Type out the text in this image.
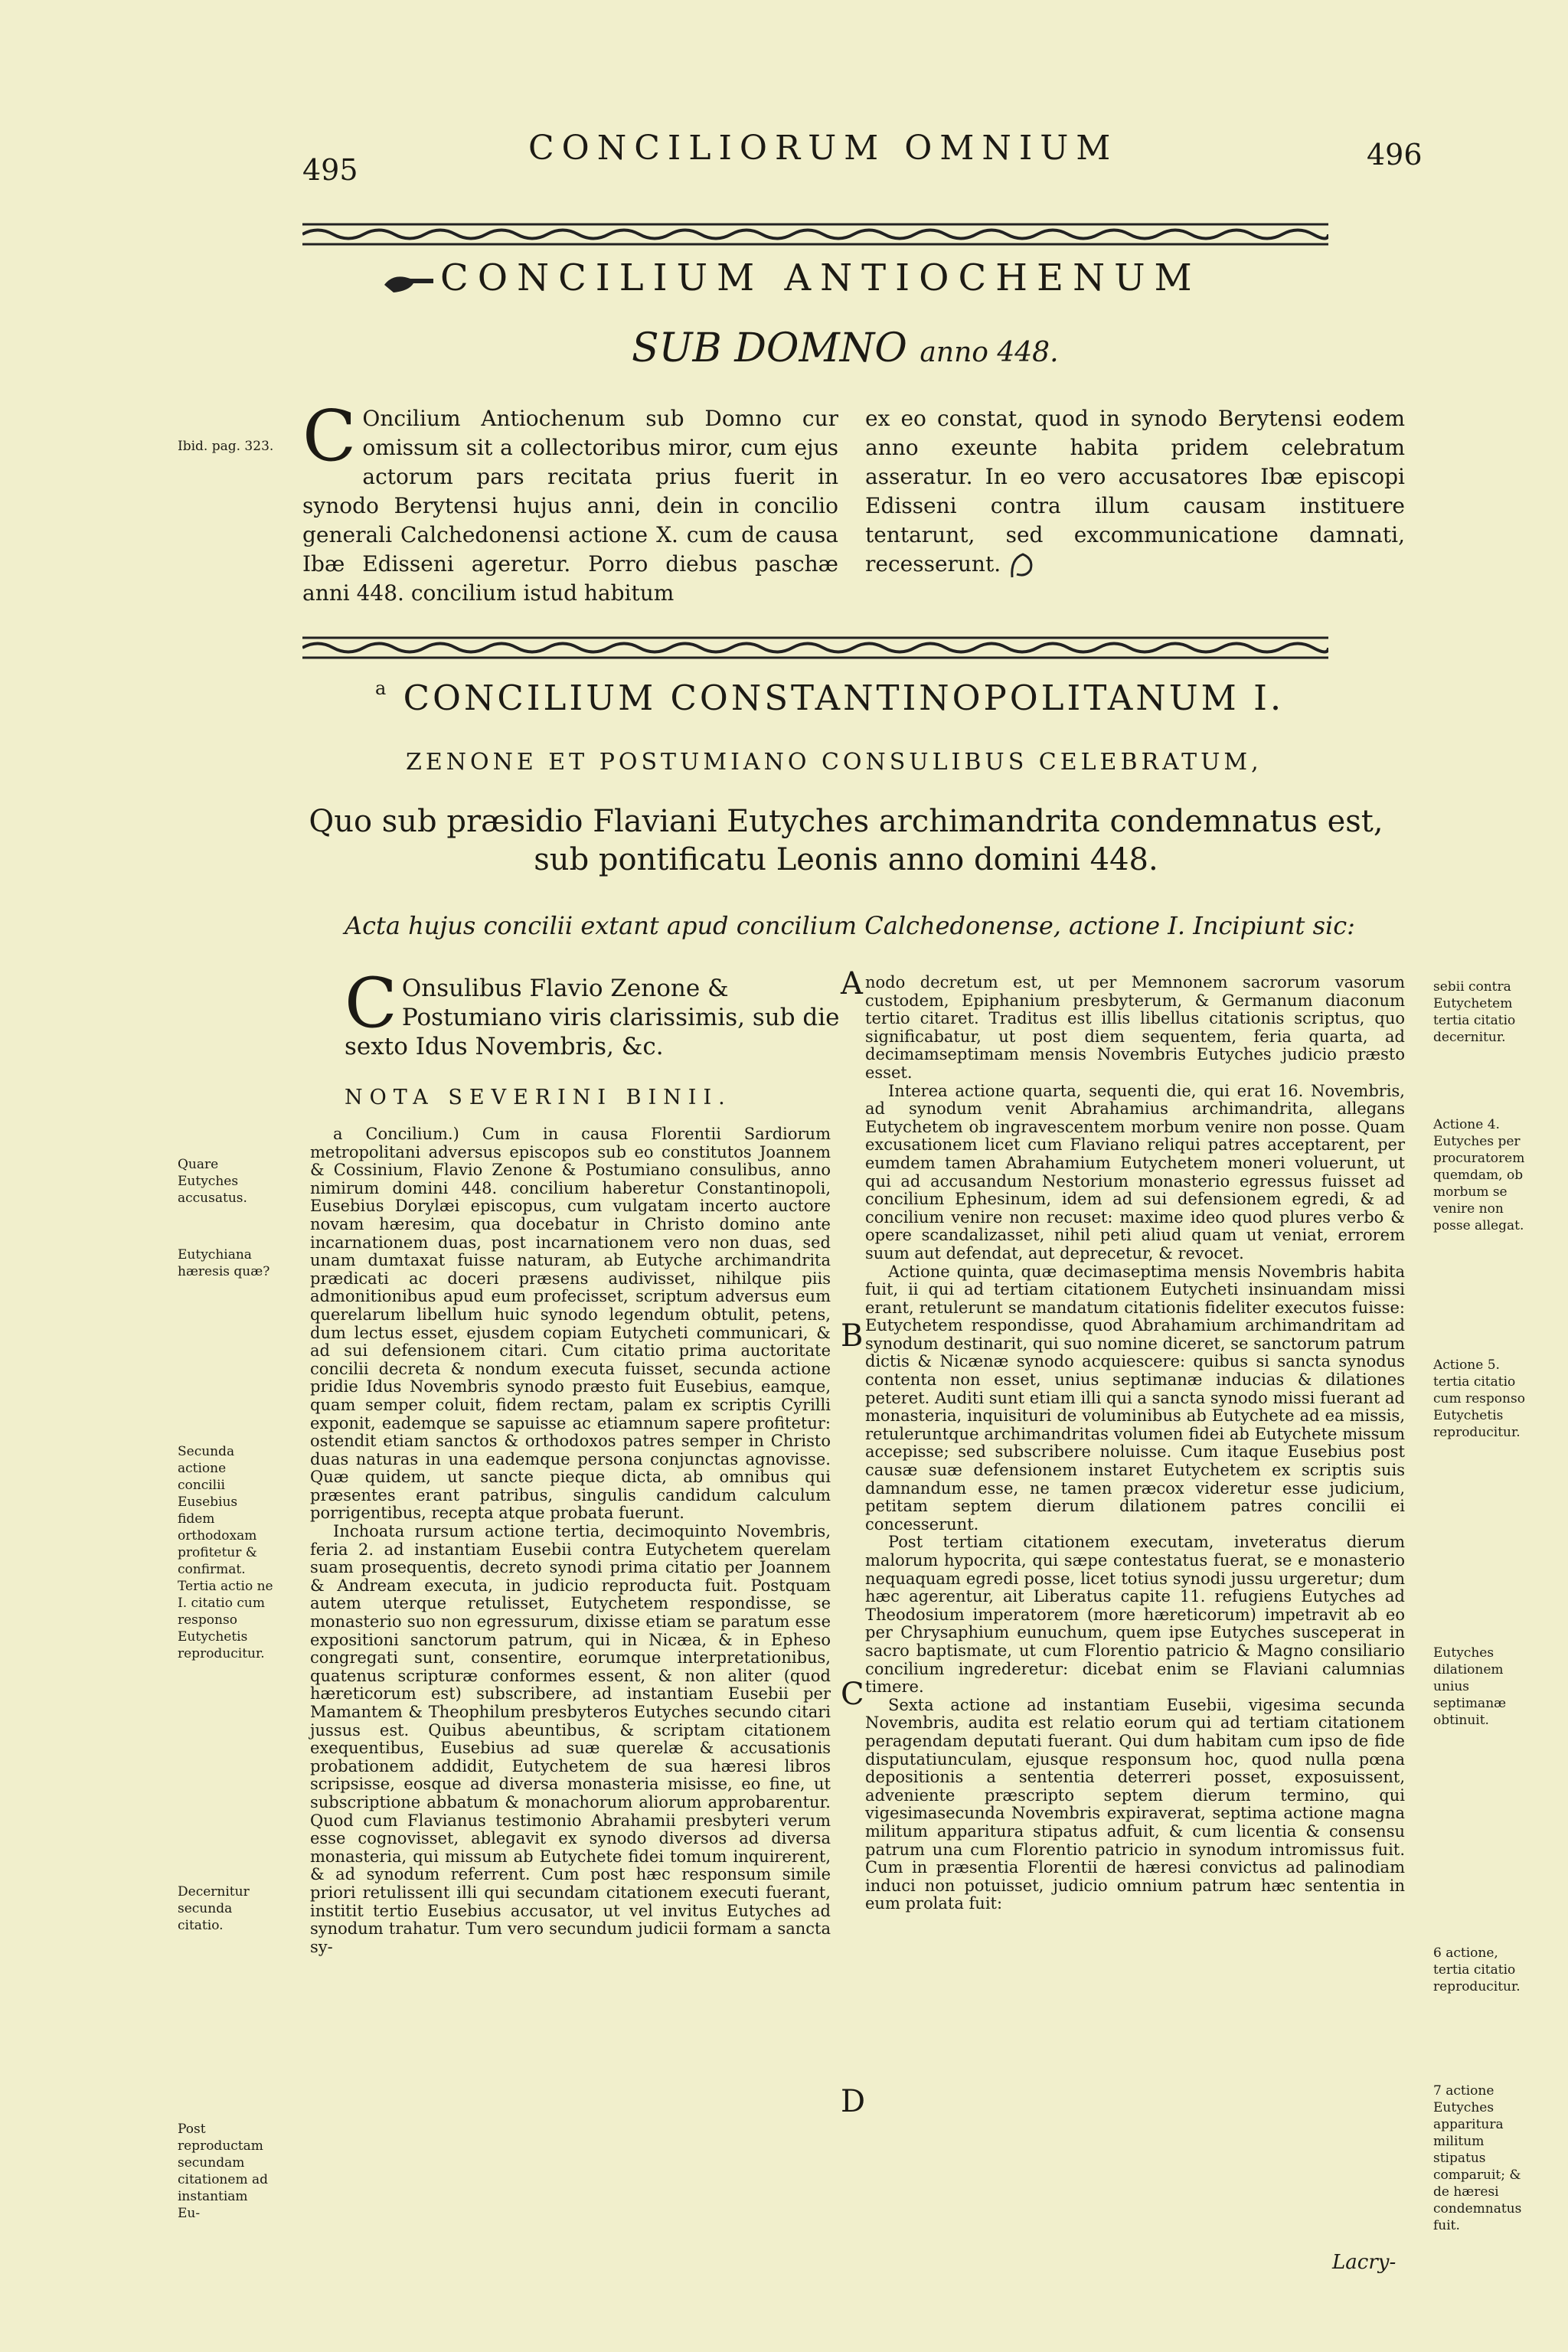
495
CONCILIORUM OMNIUM	496
CONCILIUM ANTIOCHENUM
SUB DOMNO anno 448.
Ibid. pag. 323. C Oncilium Antiochenum sub Domno cur omissum sit a collectoribus miror, cum ejus actorum pars recitata prius fuerit in synodo Berytensi hujus anni, dein in concilio generali Calchedonensi actione X. cum de causa Ibæ Edisseni ageretur. Porro diebus paschæ anni 448. concilium istud habitum
ex eo constat, quod in synodo Berytensi eodem anno exeunte habita pridem celebratum asseratur. In eo vero accusatores Ibæ episcopi Edisseni contra illum causam instituere tentarunt, sed excommunicatione damnati, recesserunt.
$^a$ CONCILIUM CONSTANTINOPOLITANUM I.
ZENONE ET POSTUMIANO CONSULIBUS CELEBRATUM,
Quo sub præsidio Flaviani Eutyches archimandrita condemnatus est, sub pontificatu Leonis anno domini 448.
Acta hujus concilii extant apud concilium Calchedonense, actione I. Incipiunt sic:
C Onsulibus Flavio Zenone & Postumiano viris clarissimis, sub die sexto Idus Novembris, &c.
NOTA SEVERINI BINII.

a Concilium.) Cum in causa Florentii Sardiorum metropolitani adversus episcopos sub eo constitutos Joannem & Cossinium, Flavio Zenone & Postumiano consulibus, anno nimirum domini 448. concilium haberetur Constantinopoli, Eusebius Dorylæi episcopus, cum vulgatam incerto auctore novam hæresim, qua docebatur in Christo domino ante incarnationem duas, post incarnationem vero non duas, sed unam dumtaxat fuisse naturam, ab Eutyche archimandrita prædicati ac doceri præsens audivisset, nihilque piis admonitionibus apud eum profecisset, scriptum adversus eum querelarum libellum huic synodo legendum obtulit, petens, dum lectus esset, ejusdem copiam Eutycheti communicari, & ad sui defensionem citari. Cum citatio prima auctoritate concilii decreta & nondum executa fuisset, secunda actione pridie Idus Novembris synodo præsto fuit Eusebius, eamque, quam semper coluit, fidem rectam, palam ex scriptis Cyrilli exponit, eademque se sapuisse ac etiamnum sapere profitetur: ostendit etiam sanctos & orthodoxos patres semper in Christo duas naturas in una eademque persona conjunctas agnovisse. Quæ quidem, ut sancte pieque dicta, ab omnibus qui præsentes erant patribus, singulis candidum calculum porrigentibus, recepta atque probata fuerunt.

Inchoata rursum actione tertia, decimoquinto Novembris, feria 2. ad instantiam Eusebii contra Eutychetem querelam suam prosequentis, decreto synodi prima citatio per Joannem & Andream executa, in judicio reproducta fuit. Postquam autem uterque retulisset, Eutychetem respondisse, se monasterio suo non egressurum, dixisse etiam se paratum esse expositioni sanctorum patrum, qui in Nicæa, & in Epheso congregati sunt, consentire, eorumque interpretationibus, quatenus scripturæ conformes essent, & non aliter (quod hæreticorum est) subscribere, ad instantiam Eusebii per Mamantem & Theophilum presbyteros Eutyches secundo citari jussus est. Quibus abeuntibus, & scriptam citationem exequentibus, Eusebius ad suæ querelæ & accusationis probationem addidit, Eutychetem de sua hæresi libros scripsisse, eosque ad diversa monasteria misisse, eo fine, ut subscriptione abbatum & monachorum aliorum approbarentur. Quod cum Flavianus testimonio Abrahamii presbyteri verum esse cognovisset, ablegavit ex synodo diversos ad diversa monasteria, qui missum ab Eutychete fidei tomum inquirerent, & ad synodum referrent. Cum post hæc responsum simile priori retulissent illi qui secundam citationem executi fuerant, institit tertio Eusebius accusator, ut vel invitus Eutyches ad synodum trahatur. Tum vero secundum judicii formam a sancta sy-

nodo decretum est, ut per Memnonem sacrorum vasorum custodem, Epiphanium presbyterum, & Germanum diaconum tertio citaret. Traditus est illis libellus citationis scriptus, quo significabatur, ut post diem sequentem, feria quarta, ad decimamseptimam mensis Novembris Eutyches judicio præsto esset.

Interea actione quarta, sequenti die, qui erat 16. Novembris, ad synodum venit Abrahamius archimandrita, allegans Eutychetem ob ingravescentem morbum venire non posse. Quam excusationem licet cum Flaviano reliqui patres acceptarent, per eumdem tamen Abrahamium Eutychetem moneri voluerunt, ut qui ad accusandum Nestorium monasterio egressus fuisset ad concilium Ephesinum, idem ad sui defensionem egredi, & ad concilium venire non recuset: maxime ideo quod plures verbo & opere scandalizasset, nihil peti aliud quam ut veniat, errorem suum aut defendat, aut deprecetur, & revocet.

Actione quinta, quæ decimaseptima mensis Novembris habita fuit, ii qui ad tertiam citationem Eutycheti insinuandam missi erant, retulerunt se mandatum citationis fideliter executos fuisse: Eutychetem respondisse, quod Abrahamium archimandritam ad synodum destinarit, qui suo nomine diceret, se sanctorum patrum dictis & Nicænæ synodo acquiescere: quibus si sancta synodus contenta non esset, unius septimanæ inducias & dilationes peteret. Auditi sunt etiam illi qui a sancta synodo missi fuerant ad monasteria, inquisituri de voluminibus ab Eutychete ad ea missis, retuleruntque archimandritas volumen fidei ab Eutychete missum accepisse; sed subscribere noluisse. Cum itaque Eusebius post causæ suæ defensionem instaret Eutychetem ex scriptis suis damnandum esse, ne tamen præcox videretur esse judicium, petitam septem dierum dilationem patres concilii ei concesserunt.

Post tertiam citationem executam, inveteratus dierum malorum hypocrita, qui sæpe contestatus fuerat, se e monasterio nequaquam egredi posse, licet totius synodi jussu urgeretur; dum hæc agerentur, ait Liberatus capite 11. refugiens Eutyches ad Theodosium imperatorem (more hæreticorum) impetravit ab eo per Chrysaphium eunuchum, quem ipse Eutyches susceperat in sacro baptismate, ut cum Florentio patricio & Magno consiliario concilium ingrederetur: dicebat enim se Flaviani calumnias timere.

Sexta actione ad instantiam Eusebii, vigesima secunda Novembris, audita est relatio eorum qui ad tertiam citationem peragendam deputati fuerant. Qui dum habitam cum ipso de fide disputatiunculam, ejusque responsum hoc, quod nulla pœna depositionis a sententia deterreri posset, exposuissent, adveniente præscripto septem dierum termino, qui vigesimasecunda Novembris expiraverat, septima actione magna militum apparitura stipatus adfuit, & cum licentia & consensu patrum una cum Florentio patricio in synodum intromissus fuit. Cum in præsentia Florentii de hæresi convictus ad palinodiam induci non potuisset, judicio omnium patrum hæc sententia in eum prolata fuit:

A
B
C
D
Quare Eutyches accusatus.
Eutychiana hæresis quæ?
Secunda actione concilii Eusebius fidem orthodoxam profitetur & confirmat. Tertia actio ne I. citatio cum responso Eutychetis reproducitur.
Decernitur secunda citatio.
Post reproductam secundam citationem ad instantiam Eu-
sebii contra Eutychetem tertia citatio decernitur.
Actione 4. Eutyches per procuratorem quemdam, ob morbum se venire non posse allegat.
Actione 5. tertia citatio cum responso Eutychetis reproducitur.
Eutyches dilationem unius septimanæ obtinuit.
6 actione, tertia citatio reproducitur.
7 actione Eutyches apparitura militum stipatus comparuit; & de hæresi condemnatus fuit.
Lacry-
